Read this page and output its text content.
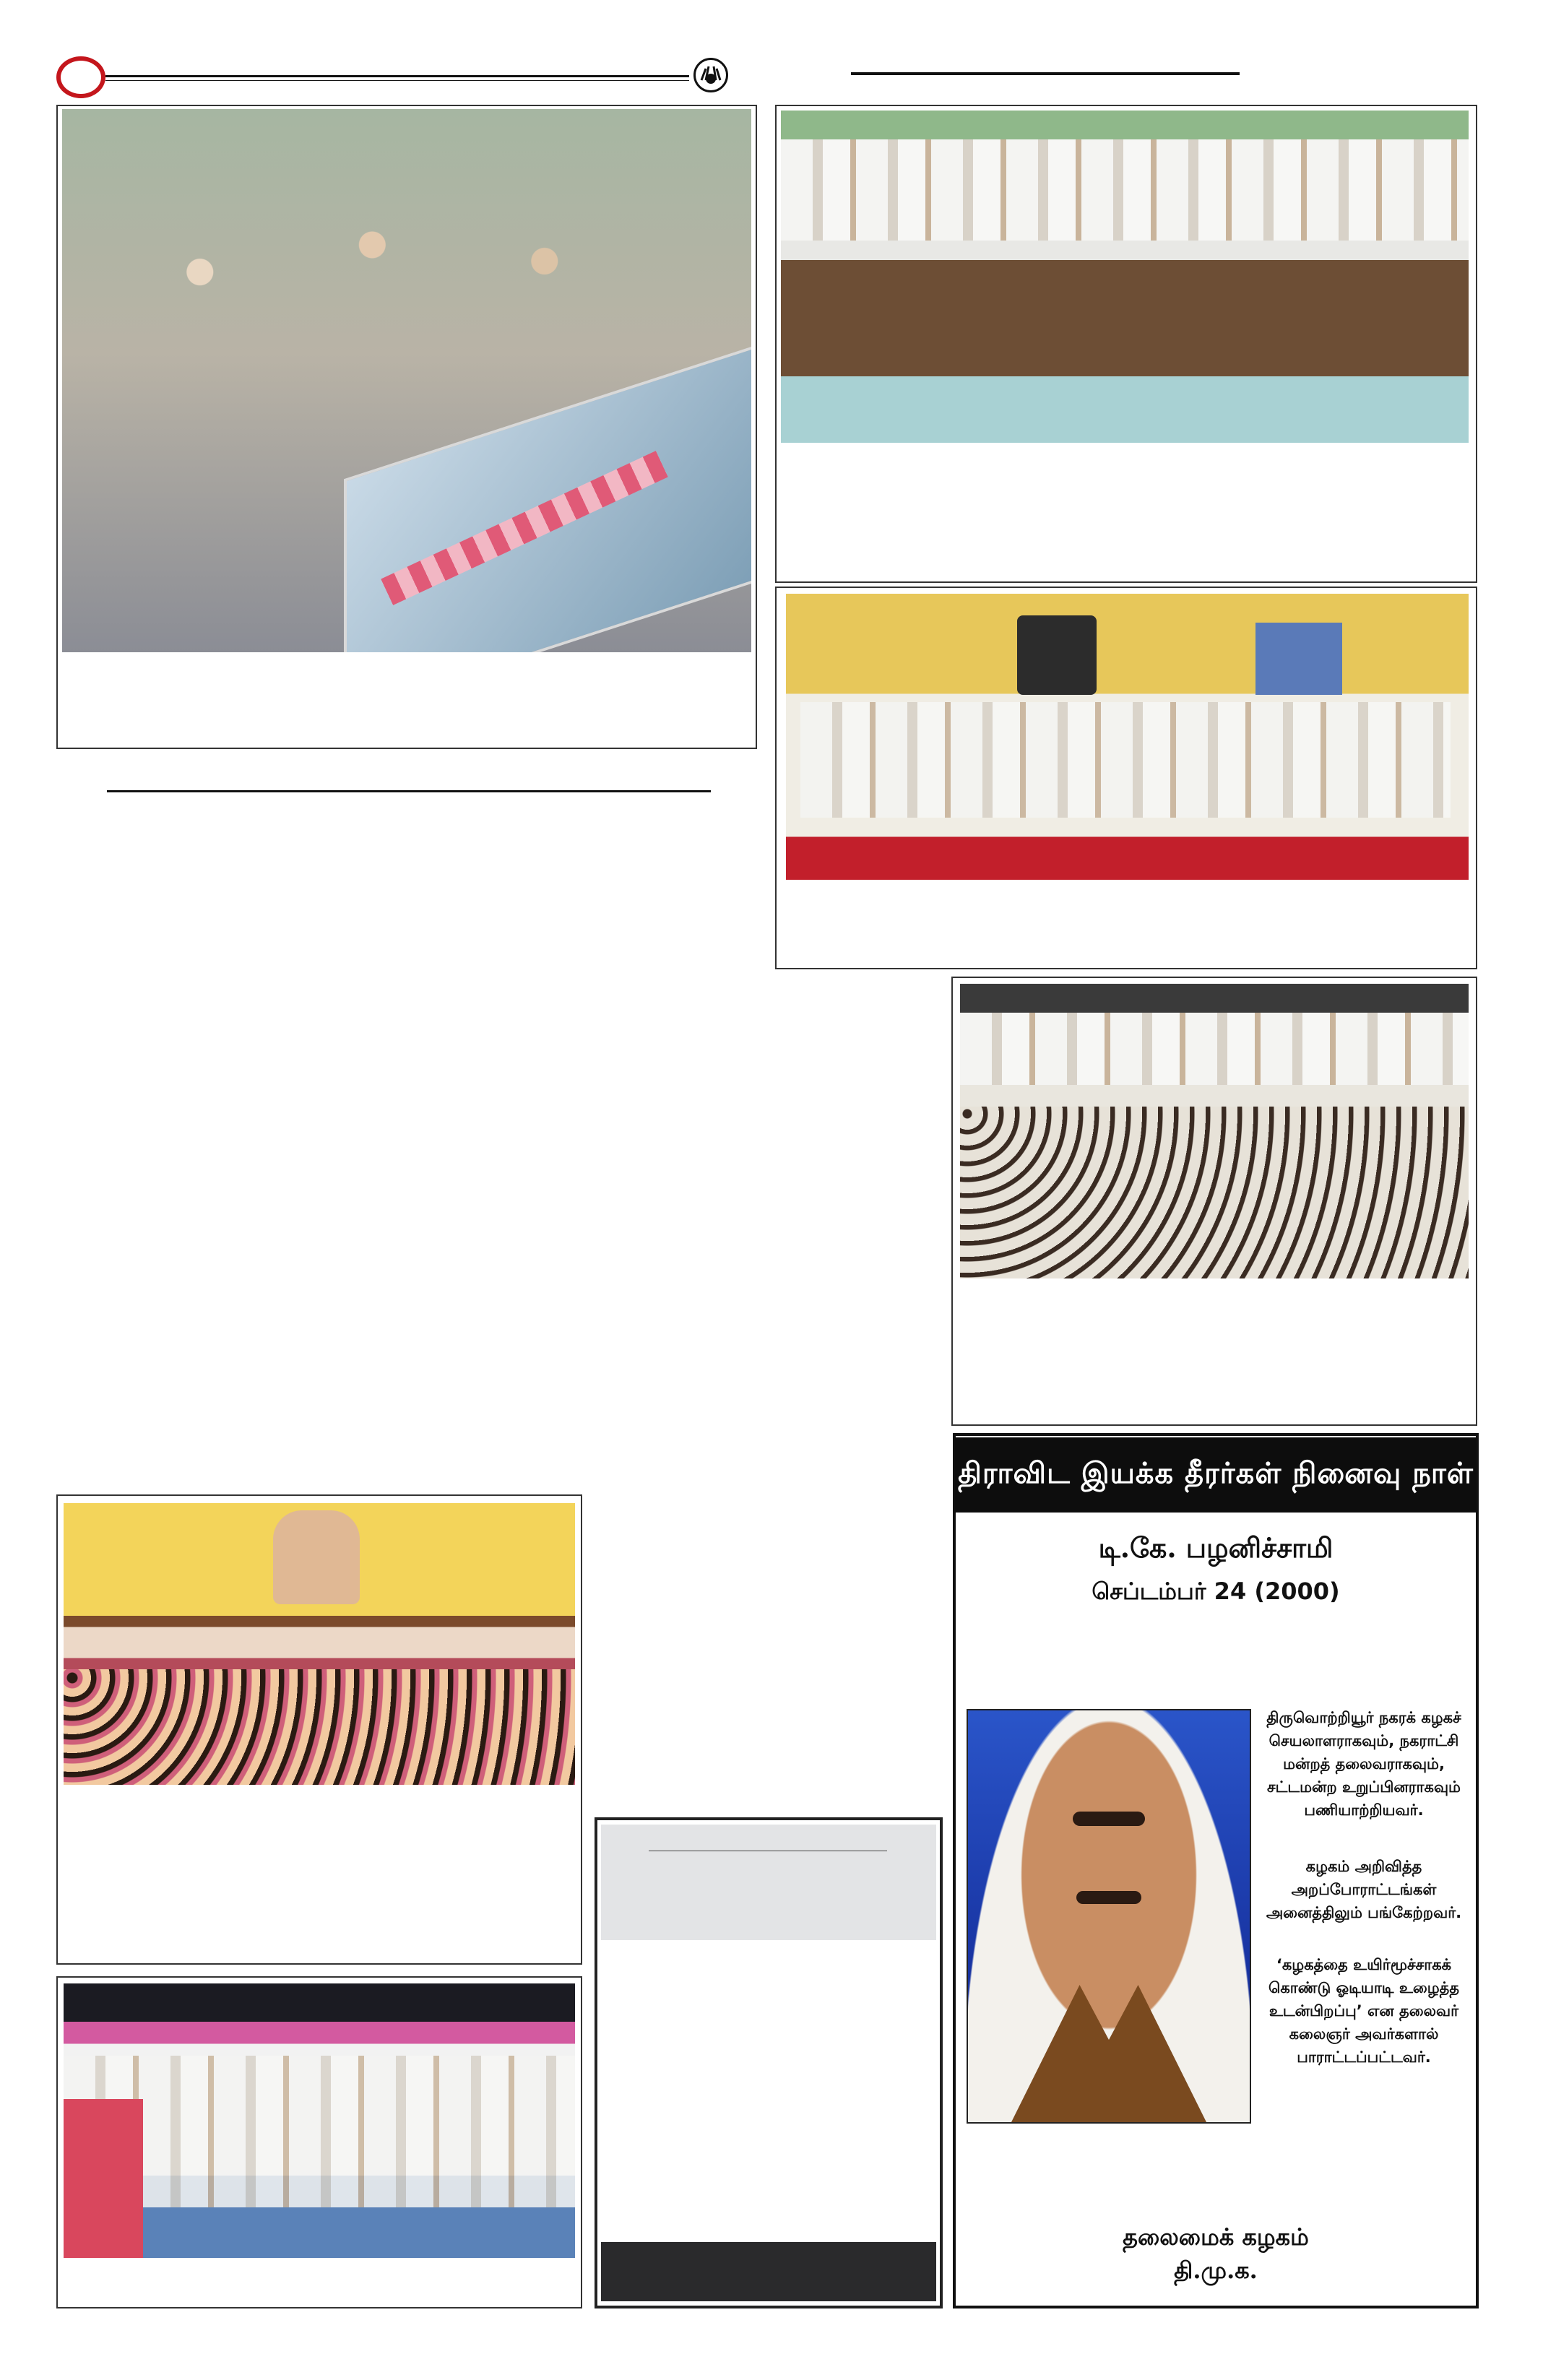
திராவிட இயக்க தீரர்கள் நினைவு நாள்
டி.கே. பழனிச்சாமி
செப்டம்பர் 24 (2000)
திருவொற்றியூர் நகரக் கழகச் செயலாளராகவும், நகராட்சி மன்றத் தலைவராகவும், சட்டமன்ற உறுப்பினராகவும் பணியாற்றியவர்.
கழகம் அறிவித்த அறப்போராட்டங்கள் அனைத்திலும் பங்கேற்றவர்.
‘கழகத்தை உயிர்மூச்சாகக் கொண்டு ஓடியாடி உழைத்த உடன்பிறப்பு’ என தலைவர் கலைஞர் அவர்களால் பாராட்டப்பட்டவர்.
தலைமைக் கழகம்
தி.மு.க.
